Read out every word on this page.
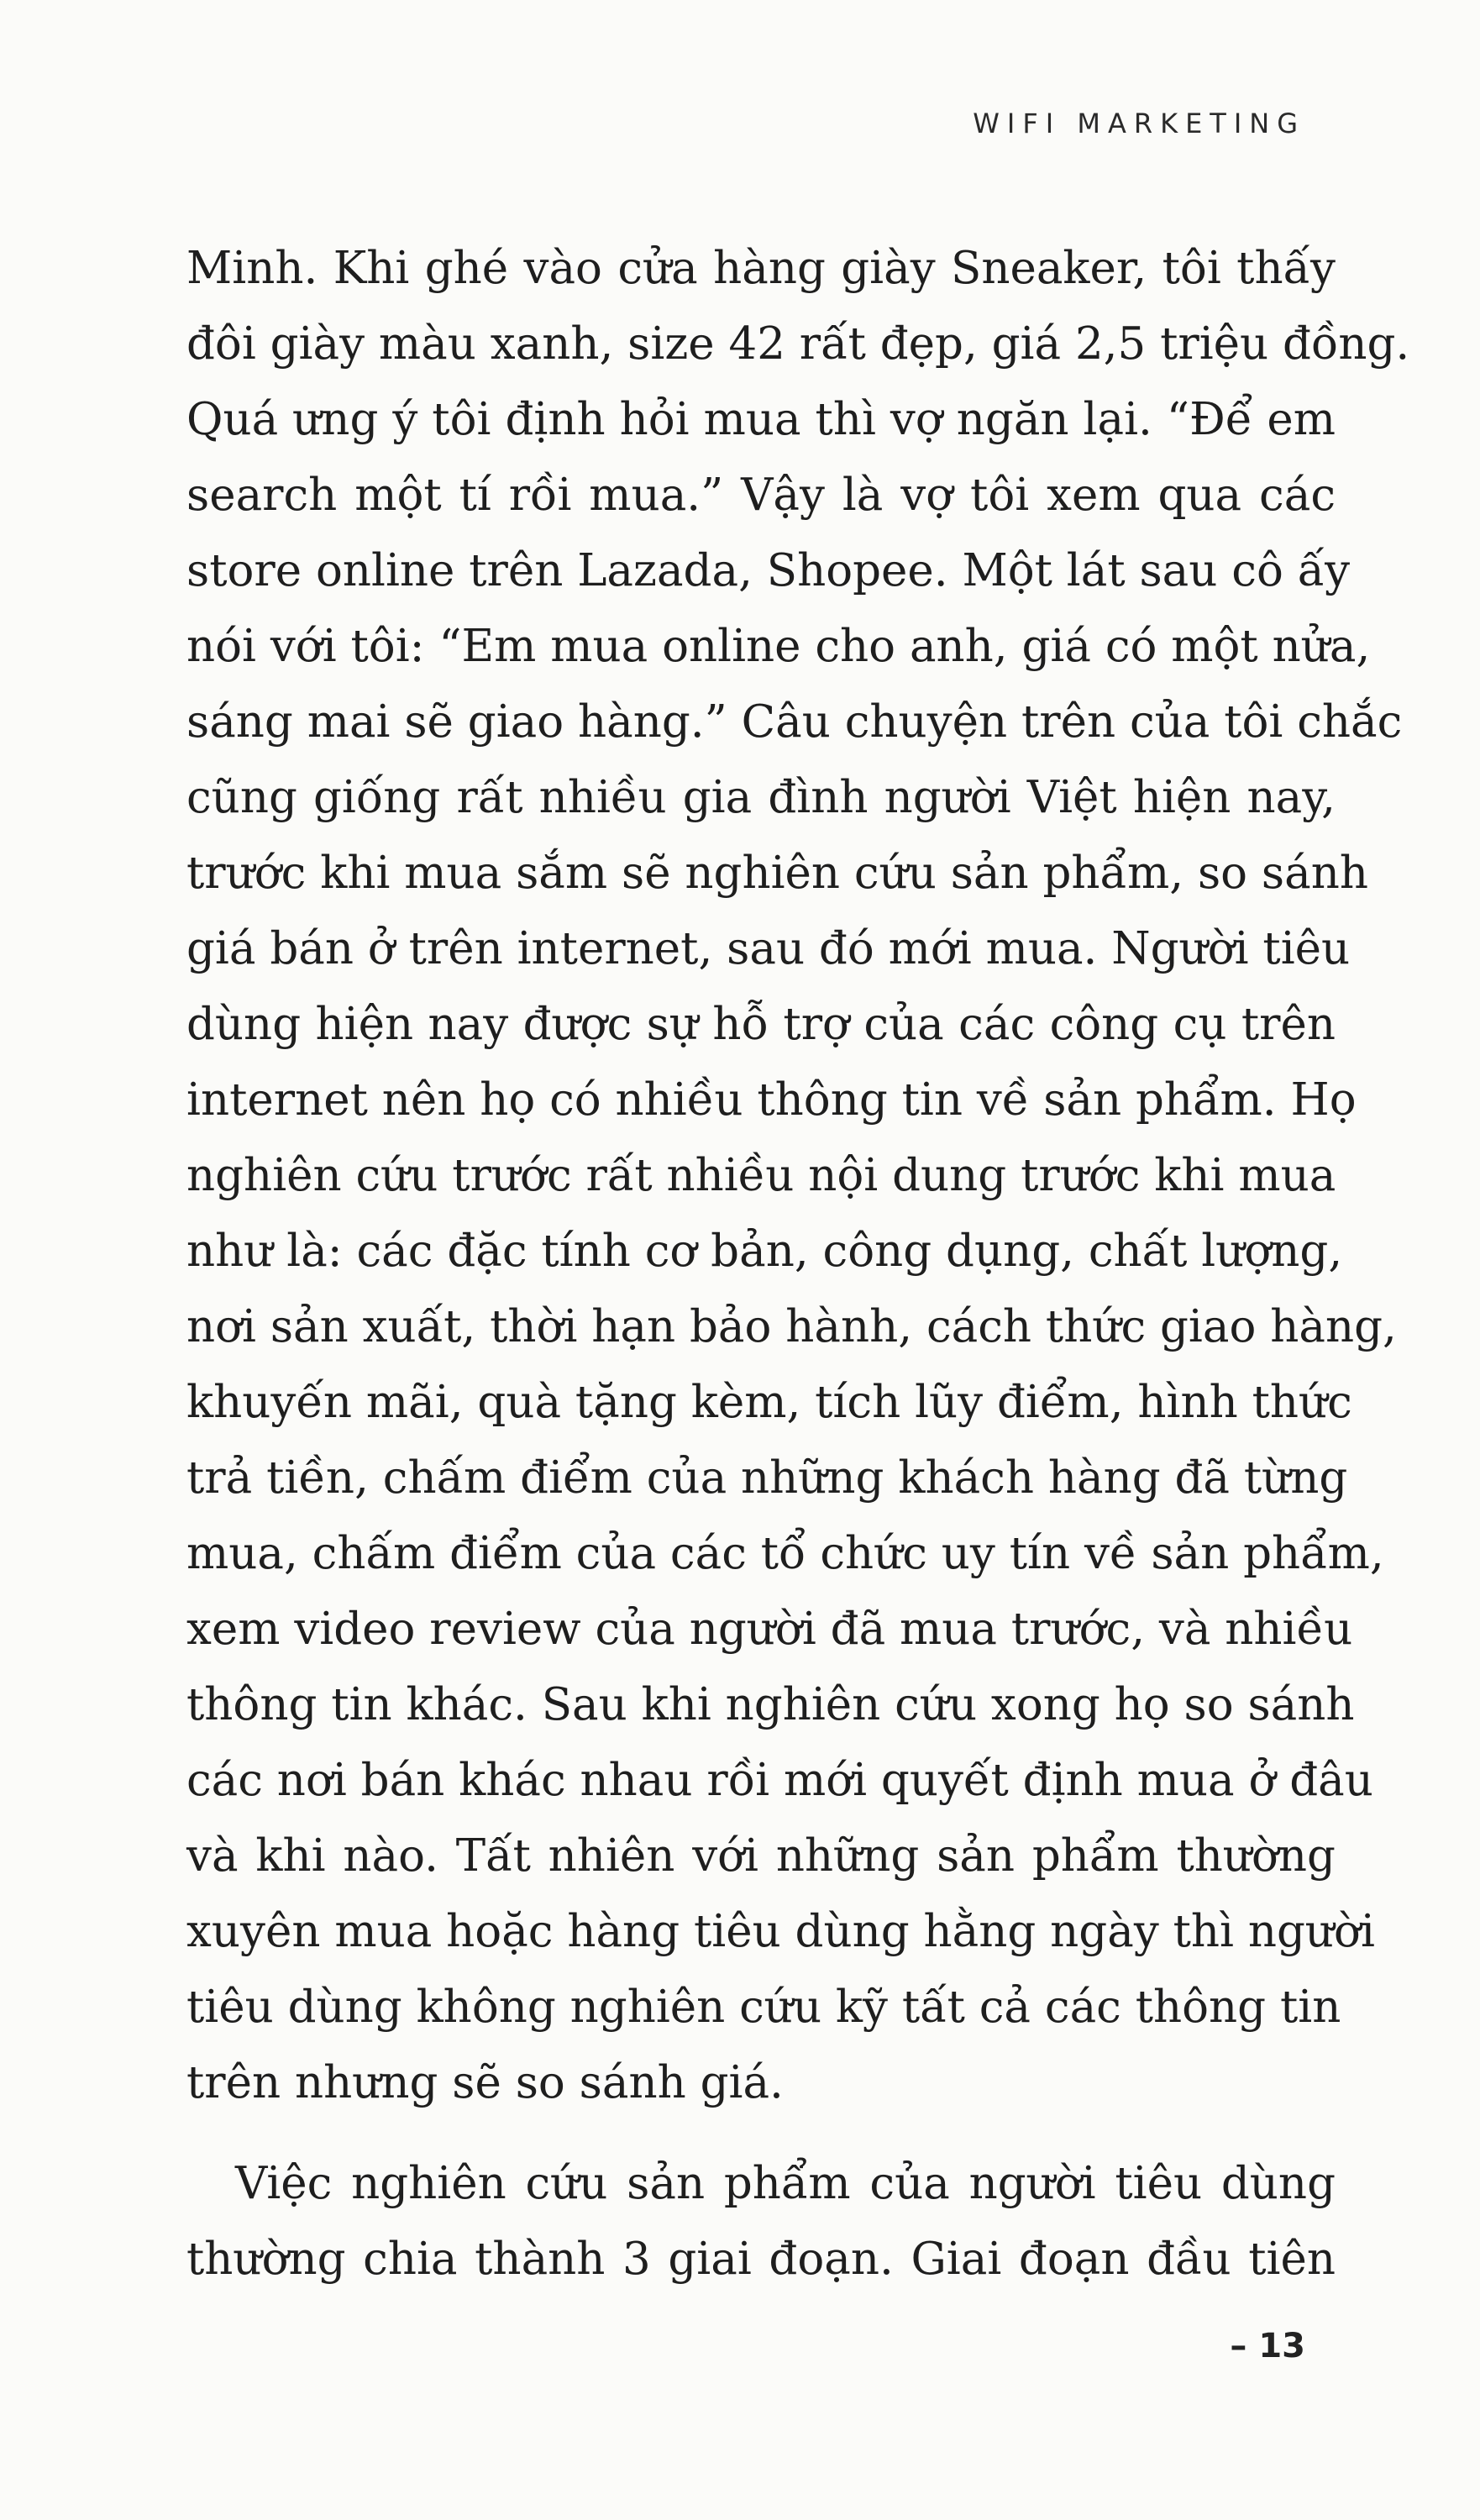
WIFI MARKETING
Minh. Khi ghé vào cửa hàng giày Sneaker, tôi thấy
đôi giày màu xanh, size 42 rất đẹp, giá 2,5 triệu đồng.
Quá ưng ý tôi định hỏi mua thì vợ ngăn lại. “Để em
search một tí rồi mua.” Vậy là vợ tôi xem qua các
store online trên Lazada, Shopee. Một lát sau cô ấy
nói với tôi: “Em mua online cho anh, giá có một nửa,
sáng mai sẽ giao hàng.” Câu chuyện trên của tôi chắc
cũng giống rất nhiều gia đình người Việt hiện nay,
trước khi mua sắm sẽ nghiên cứu sản phẩm, so sánh
giá bán ở trên internet, sau đó mới mua. Người tiêu
dùng hiện nay được sự hỗ trợ của các công cụ trên
internet nên họ có nhiều thông tin về sản phẩm. Họ
nghiên cứu trước rất nhiều nội dung trước khi mua
như là: các đặc tính cơ bản, công dụng, chất lượng,
nơi sản xuất, thời hạn bảo hành, cách thức giao hàng,
khuyến mãi, quà tặng kèm, tích lũy điểm, hình thức
trả tiền, chấm điểm của những khách hàng đã từng
mua, chấm điểm của các tổ chức uy tín về sản phẩm,
xem video review của người đã mua trước, và nhiều
thông tin khác. Sau khi nghiên cứu xong họ so sánh
các nơi bán khác nhau rồi mới quyết định mua ở đâu
và khi nào. Tất nhiên với những sản phẩm thường
xuyên mua hoặc hàng tiêu dùng hằng ngày thì người
tiêu dùng không nghiên cứu kỹ tất cả các thông tin
trên nhưng sẽ so sánh giá.
Việc nghiên cứu sản phẩm của người tiêu dùng
thường chia thành 3 giai đoạn. Giai đoạn đầu tiên
– 13
